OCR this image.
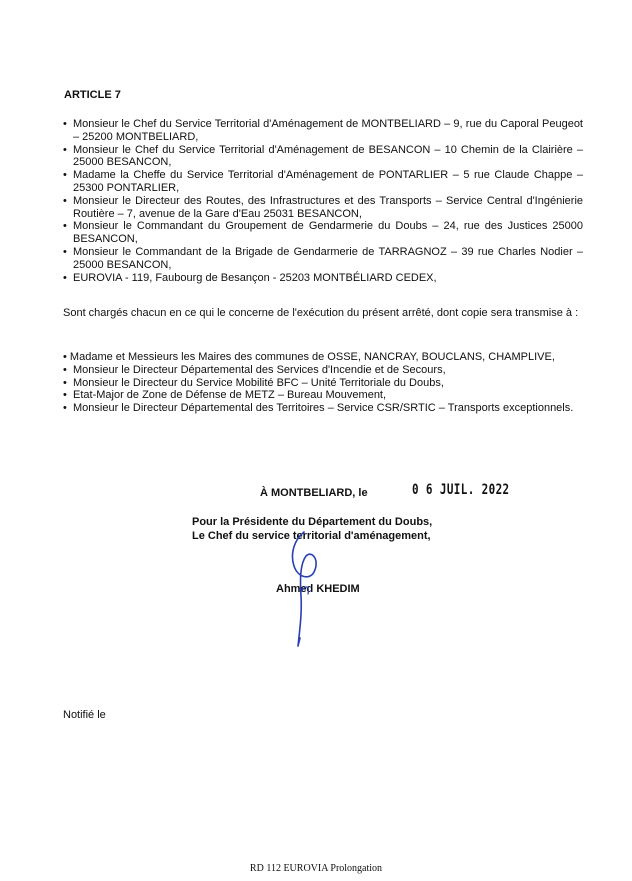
ARTICLE 7
• Monsieur le Chef du Service Territorial d'Aménagement de MONTBELIARD – 9, rue du Caporal Peugeot – 25200 MONTBELIARD,
• Monsieur le Chef du Service Territorial d'Aménagement de BESANCON – 10 Chemin de la Clairière – 25000 BESANCON,
• Madame la Cheffe du Service Territorial d'Aménagement de PONTARLIER – 5 rue Claude Chappe – 25300 PONTARLIER,
• Monsieur le Directeur des Routes, des Infrastructures et des Transports – Service Central d'Ingénierie Routière – 7, avenue de la Gare d'Eau 25031 BESANCON,
• Monsieur le Commandant du Groupement de Gendarmerie du Doubs – 24, rue des Justices 25000 BESANCON,
• Monsieur le Commandant de la Brigade de Gendarmerie de TARRAGNOZ – 39 rue Charles Nodier – 25000 BESANCON,
• EUROVIA - 119, Faubourg de Besançon - 25203 MONTBÉLIARD CEDEX,
Sont chargés chacun en ce qui le concerne de l'exécution du présent arrêté, dont copie sera transmise à :
• Madame et Messieurs les Maires des communes de OSSE, NANCRAY, BOUCLANS, CHAMPLIVE,
• Monsieur le Directeur Départemental des Services d'Incendie et de Secours,
• Monsieur le Directeur du Service Mobilité BFC – Unité Territoriale du Doubs,
• Etat-Major de Zone de Défense de METZ – Bureau Mouvement,
• Monsieur le Directeur Départemental des Territoires – Service CSR/SRTIC – Transports exceptionnels.
À MONTBELIARD, le	0 6 JUIL. 2022
Pour la Présidente du Département du Doubs,
Le Chef du service territorial d'aménagement,
Ahmed KHEDIM
Notifié le
RD 112 EUROVIA Prolongation
